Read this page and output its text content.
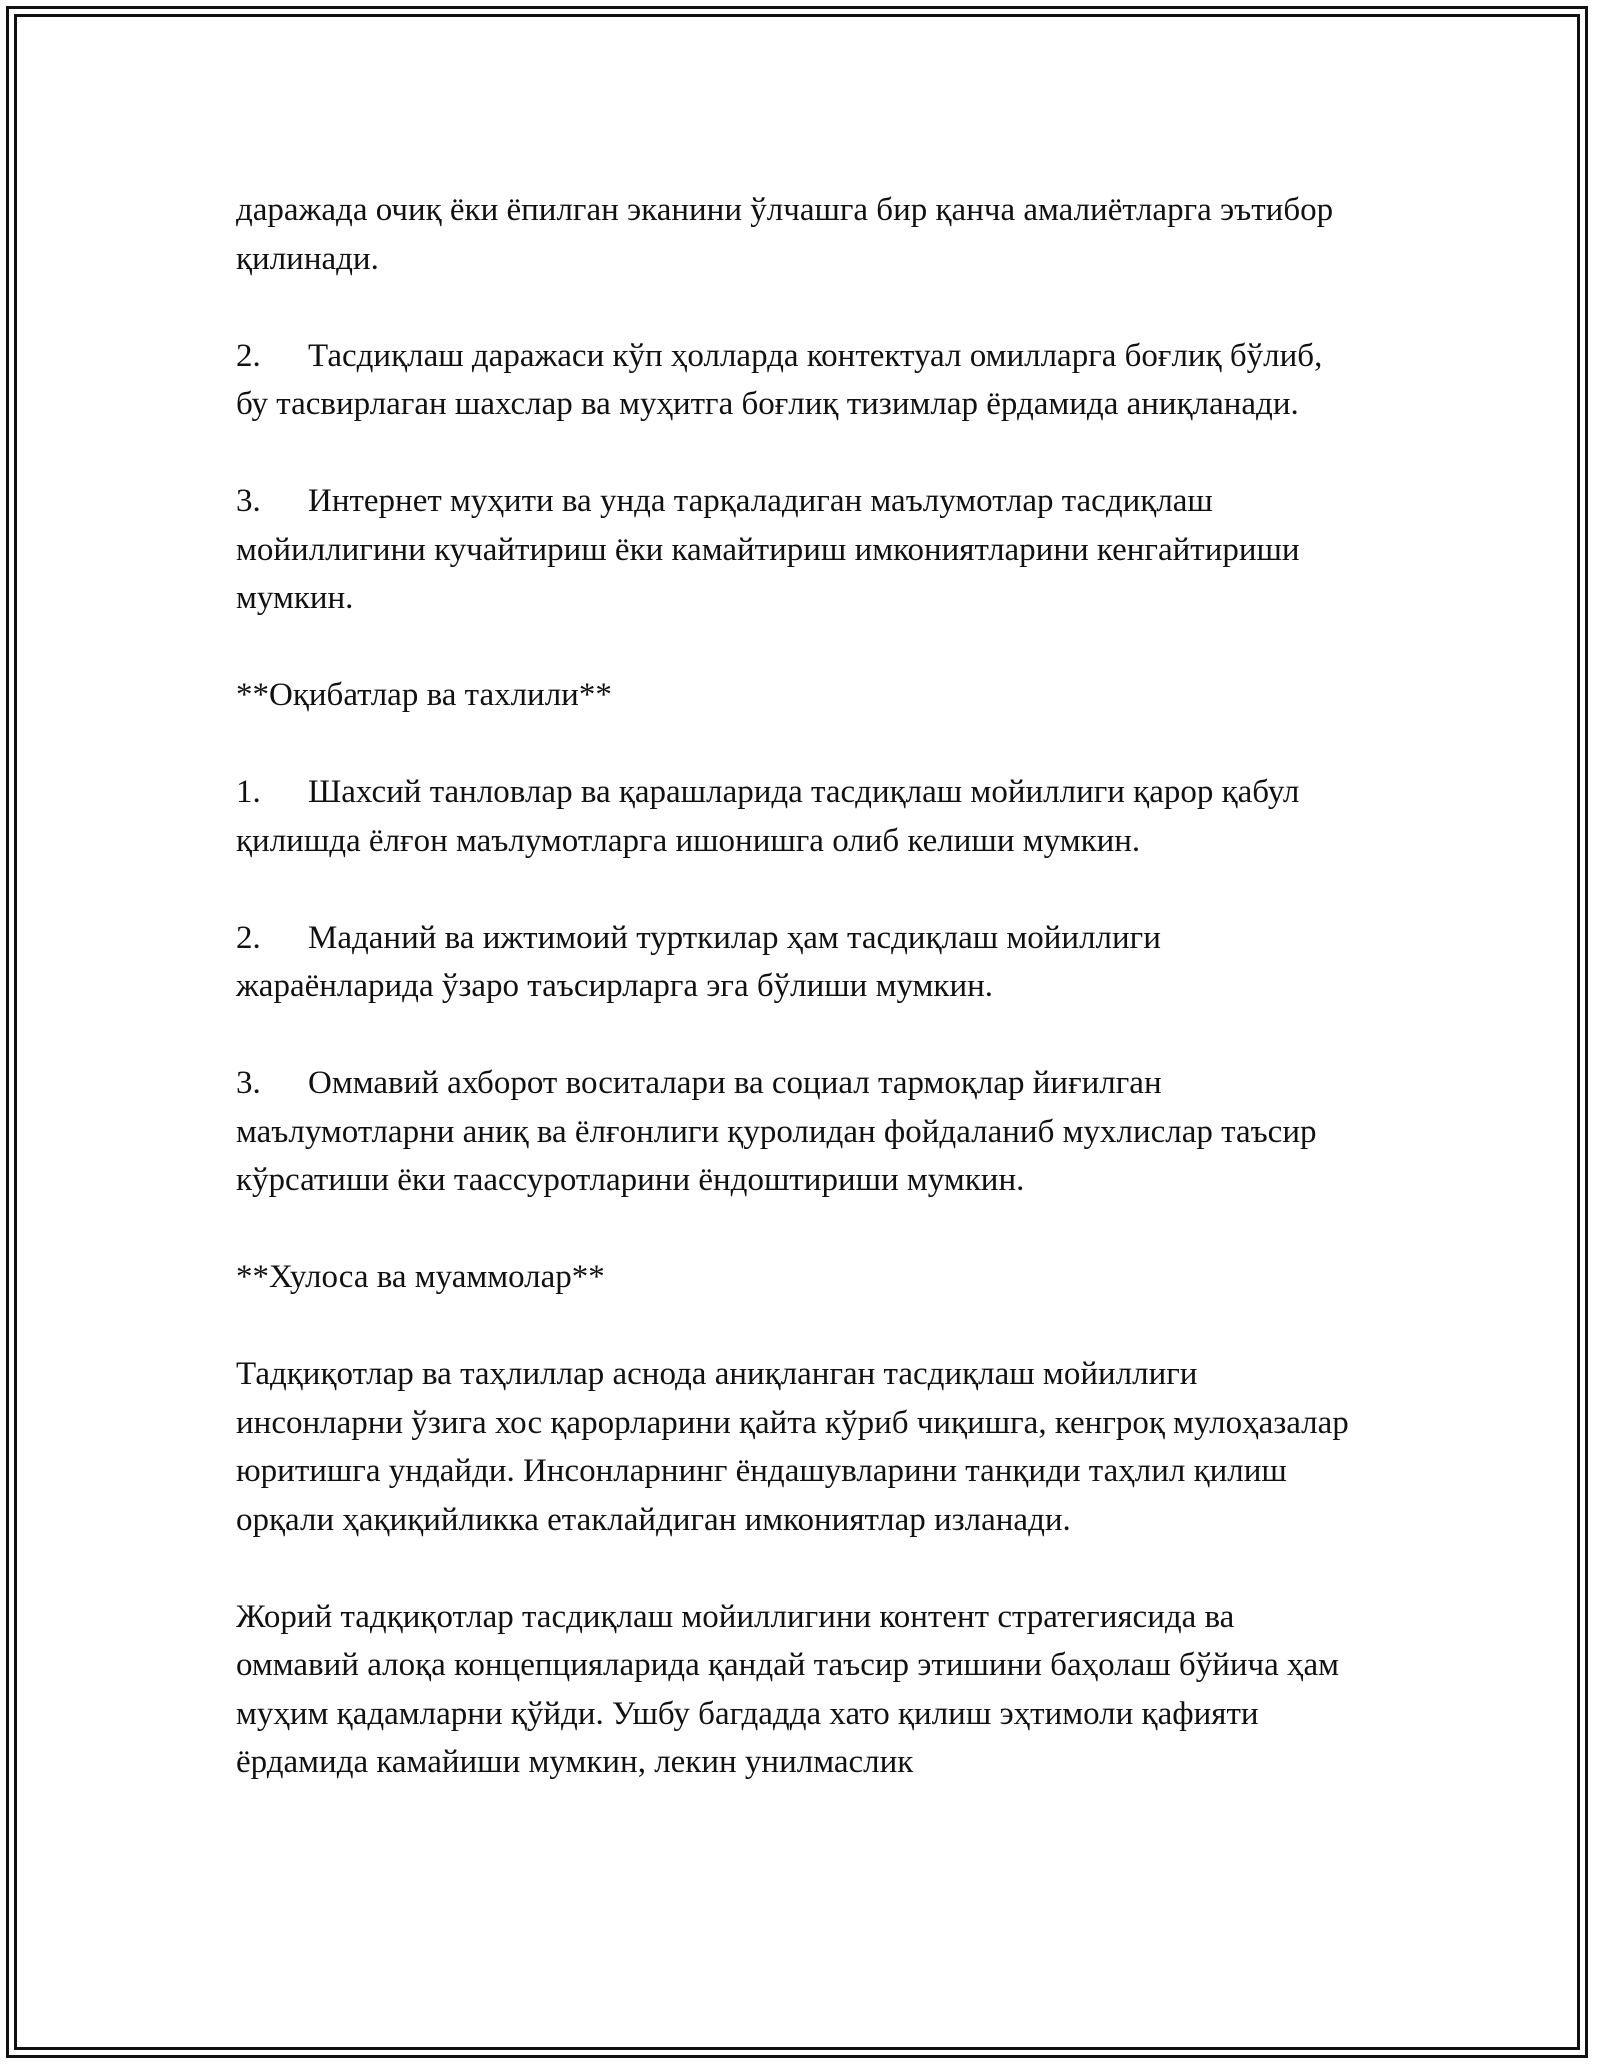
даражада очиқ ёки ёпилган эканини ўлчашга бир қанча амалиётларга эътибор қилинади.

2. Тасдиқлаш даражаси кўп ҳолларда контектуал омилларга боғлиқ бўлиб, бу тасвирлаган шахслар ва муҳитга боғлиқ тизимлар ёрдамида аниқланади.

3. Интернет муҳити ва унда тарқаладиган маълумотлар тасдиқлаш мойиллигини кучайтириш ёки камайтириш имкониятларини кенгайтириши мумкин.

**Оқибатлар ва тахлили**

1. Шахсий танловлар ва қарашларида тасдиқлаш мойиллиги қарор қабул қилишда ёлғон маълумотларга ишонишга олиб келиши мумкин.

2. Маданий ва ижтимоий турткилар ҳам тасдиқлаш мойиллиги жараёнларида ўзаро таъсирларга эга бўлиши мумкин.

3. Оммавий ахборот воситалари ва социал тармоқлар йиғилган маълумотларни аниқ ва ёлғонлиги қуролидан фойдаланиб мухлислар таъсир кўрсатиши ёки таассуротларини ёндоштириши мумкин.

**Хулоса ва муаммолар**

Тадқиқотлар ва таҳлиллар аснода аниқланган тасдиқлаш мойиллиги инсонларни ўзига хос қарорларини қайта кўриб чиқишга, кенгроқ мулоҳазалар юритишга ундайди. Инсонларнинг ёндашувларини танқиди таҳлил қилиш орқали ҳақиқийликка етаклайдиган имкониятлар изланади.

Жорий тадқиқотлар тасдиқлаш мойиллигини контент стратегиясида ва оммавий алоқа концепцияларида қандай таъсир этишини баҳолаш бўйича ҳам муҳим қадамларни қўйди. Ушбу багдадда хато қилиш эҳтимоли қафияти ёрдамида камайиши мумкин, лекин унилмаслик
